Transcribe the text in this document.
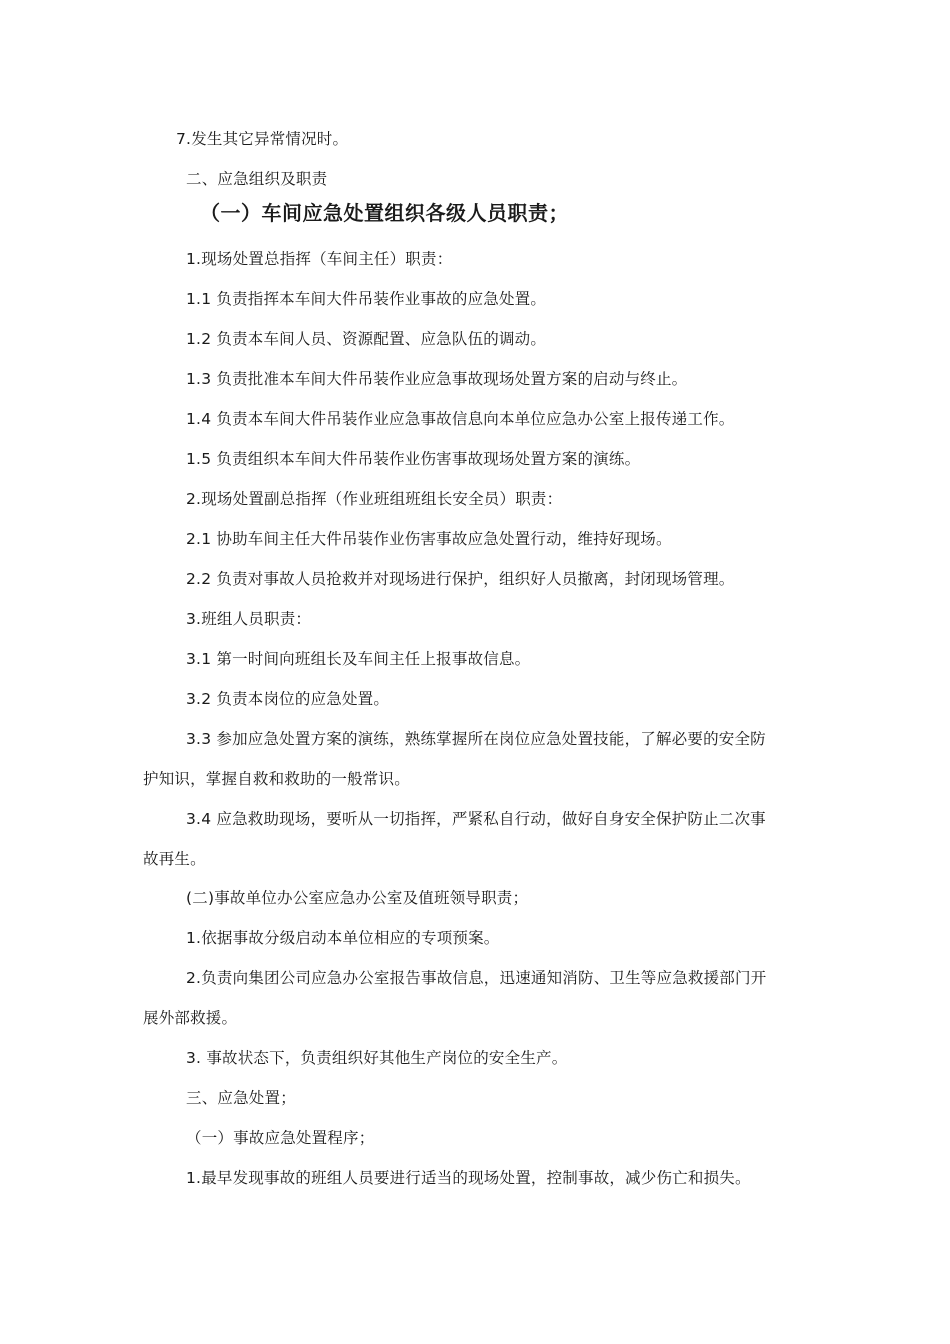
7.发生其它异常情况时。
二、应急组织及职责
（一）车间应急处置组织各级人员职责；
1.现场处置总指挥（车间主任）职责：
1.1 负责指挥本车间大件吊装作业事故的应急处置。
1.2 负责本车间人员、资源配置、应急队伍的调动。
1.3 负责批准本车间大件吊装作业应急事故现场处置方案的启动与终止。
1.4 负责本车间大件吊装作业应急事故信息向本单位应急办公室上报传递工作。
1.5 负责组织本车间大件吊装作业伤害事故现场处置方案的演练。
2.现场处置副总指挥（作业班组班组长安全员）职责：
2.1 协助车间主任大件吊装作业伤害事故应急处置行动，维持好现场。
2.2 负责对事故人员抢救并对现场进行保护，组织好人员撤离，封闭现场管理。
3.班组人员职责：
3.1 第一时间向班组长及车间主任上报事故信息。
3.2 负责本岗位的应急处置。
3.3 参加应急处置方案的演练，熟练掌握所在岗位应急处置技能，了解必要的安全防
护知识，掌握自救和救助的一般常识。
3.4 应急救助现场，要听从一切指挥，严紧私自行动，做好自身安全保护防止二次事
故再生。
(二)事故单位办公室应急办公室及值班领导职责；
1.依据事故分级启动本单位相应的专项预案。
2.负责向集团公司应急办公室报告事故信息，迅速通知消防、卫生等应急救援部门开
展外部救援。
3. 事故状态下，负责组织好其他生产岗位的安全生产。
三、应急处置；
（一）事故应急处置程序；
1.最早发现事故的班组人员要进行适当的现场处置，控制事故，减少伤亡和损失。
